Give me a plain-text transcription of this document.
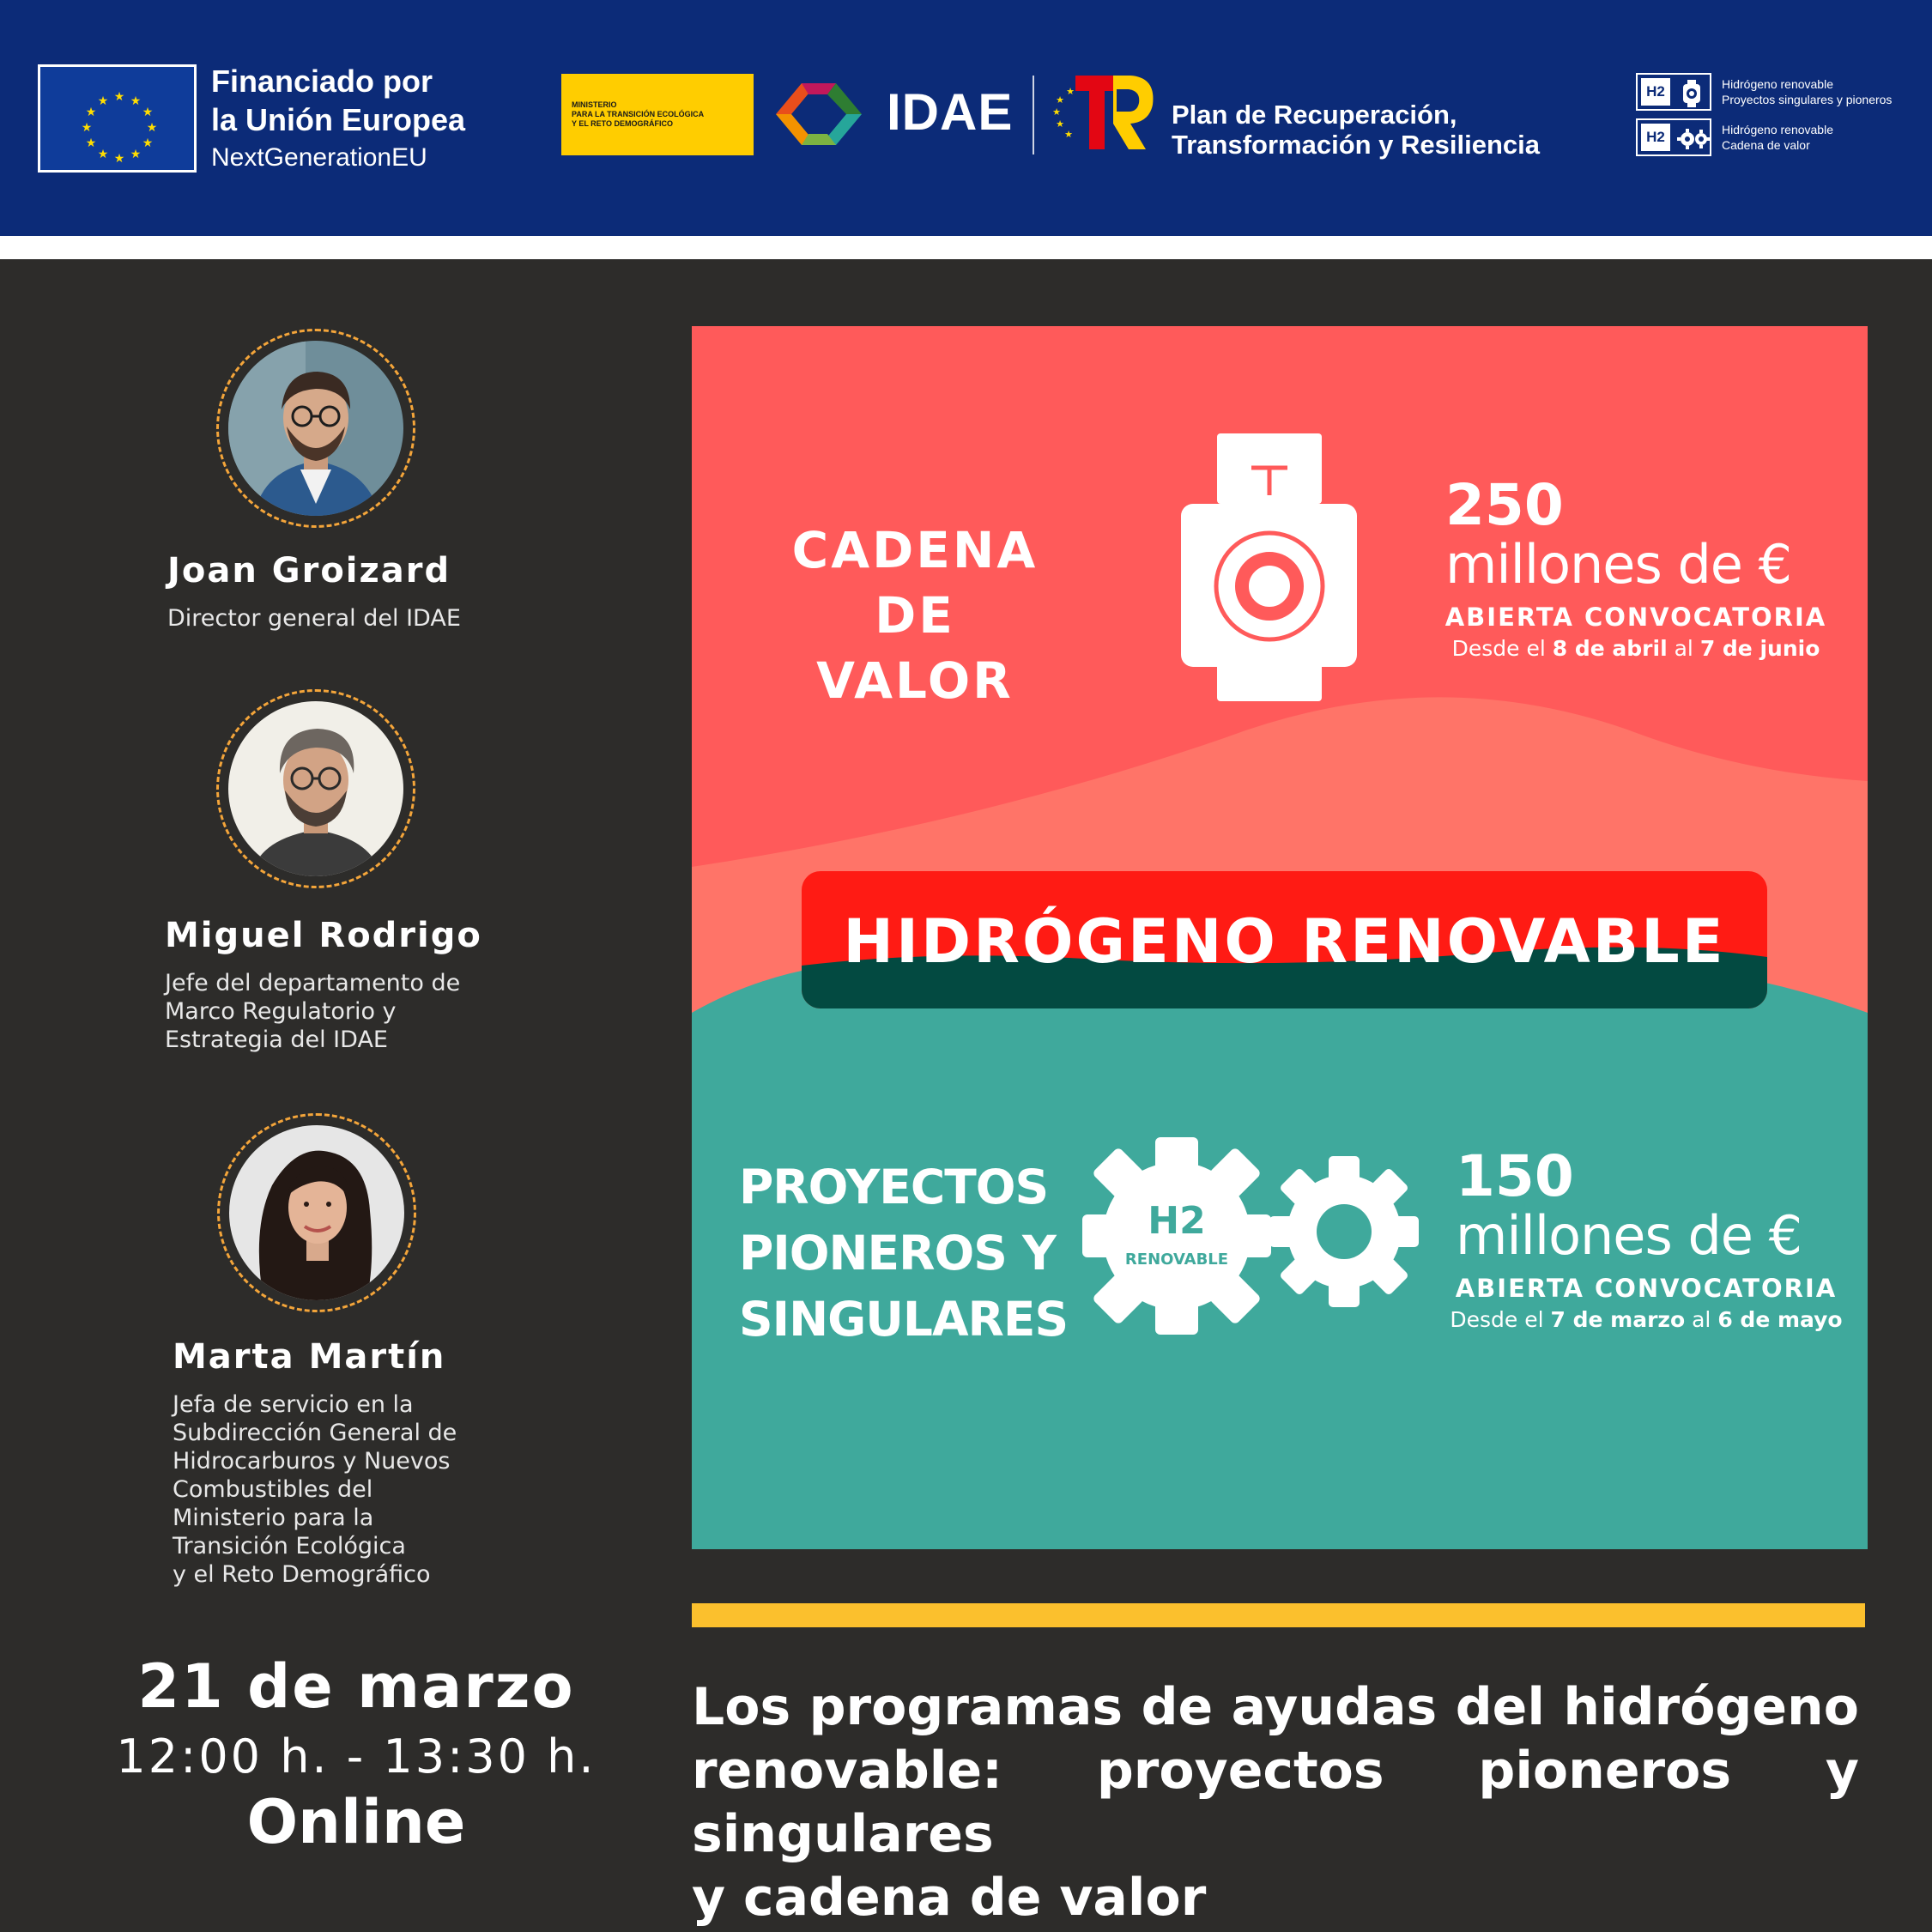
★ ★
★
★
★
★
★
★
★
★
★
★
Financiado por
la Unión Europea
NextGenerationEU
MINISTERIO
PARA LA TRANSICIÓN ECOLÓGICA
Y EL RETO DEMOGRÁFICO	IDAE	★
★
★
★
★
Plan de Recuperación,
Transformación y Resiliencia
H2	Hidrógeno renovable
Proyectos singulares y pioneros
H2	Hidrógeno renovable
Cadena de valor
Joan Groizard
Director general del IDAE
Miguel Rodrigo
Jefe del departamento de
Marco Regulatorio y
Estrategia del IDAE
Marta Martín
Jefa de servicio en la
Subdirección General de
Hidrocarburos y Nuevos
Combustibles del
Ministerio para la
Transición Ecológica
y el Reto Demográfico
21 de marzo
12:00 h. - 13:30 h.
Online
CADENA DE
VALOR
250
millones de €
ABIERTA CONVOCATORIA
Desde el 8 de abril al 7 de junio
HIDRÓGENO RENOVABLE
PROYECTOS
PIONEROS Y
SINGULARES
H2
RENOVABLE
150
millones de €
ABIERTA CONVOCATORIA
Desde el 7 de marzo al 6 de mayo
Los programas de ayudas del hidrógeno
renovable: proyectos pioneros y singulares
y cadena de valor
